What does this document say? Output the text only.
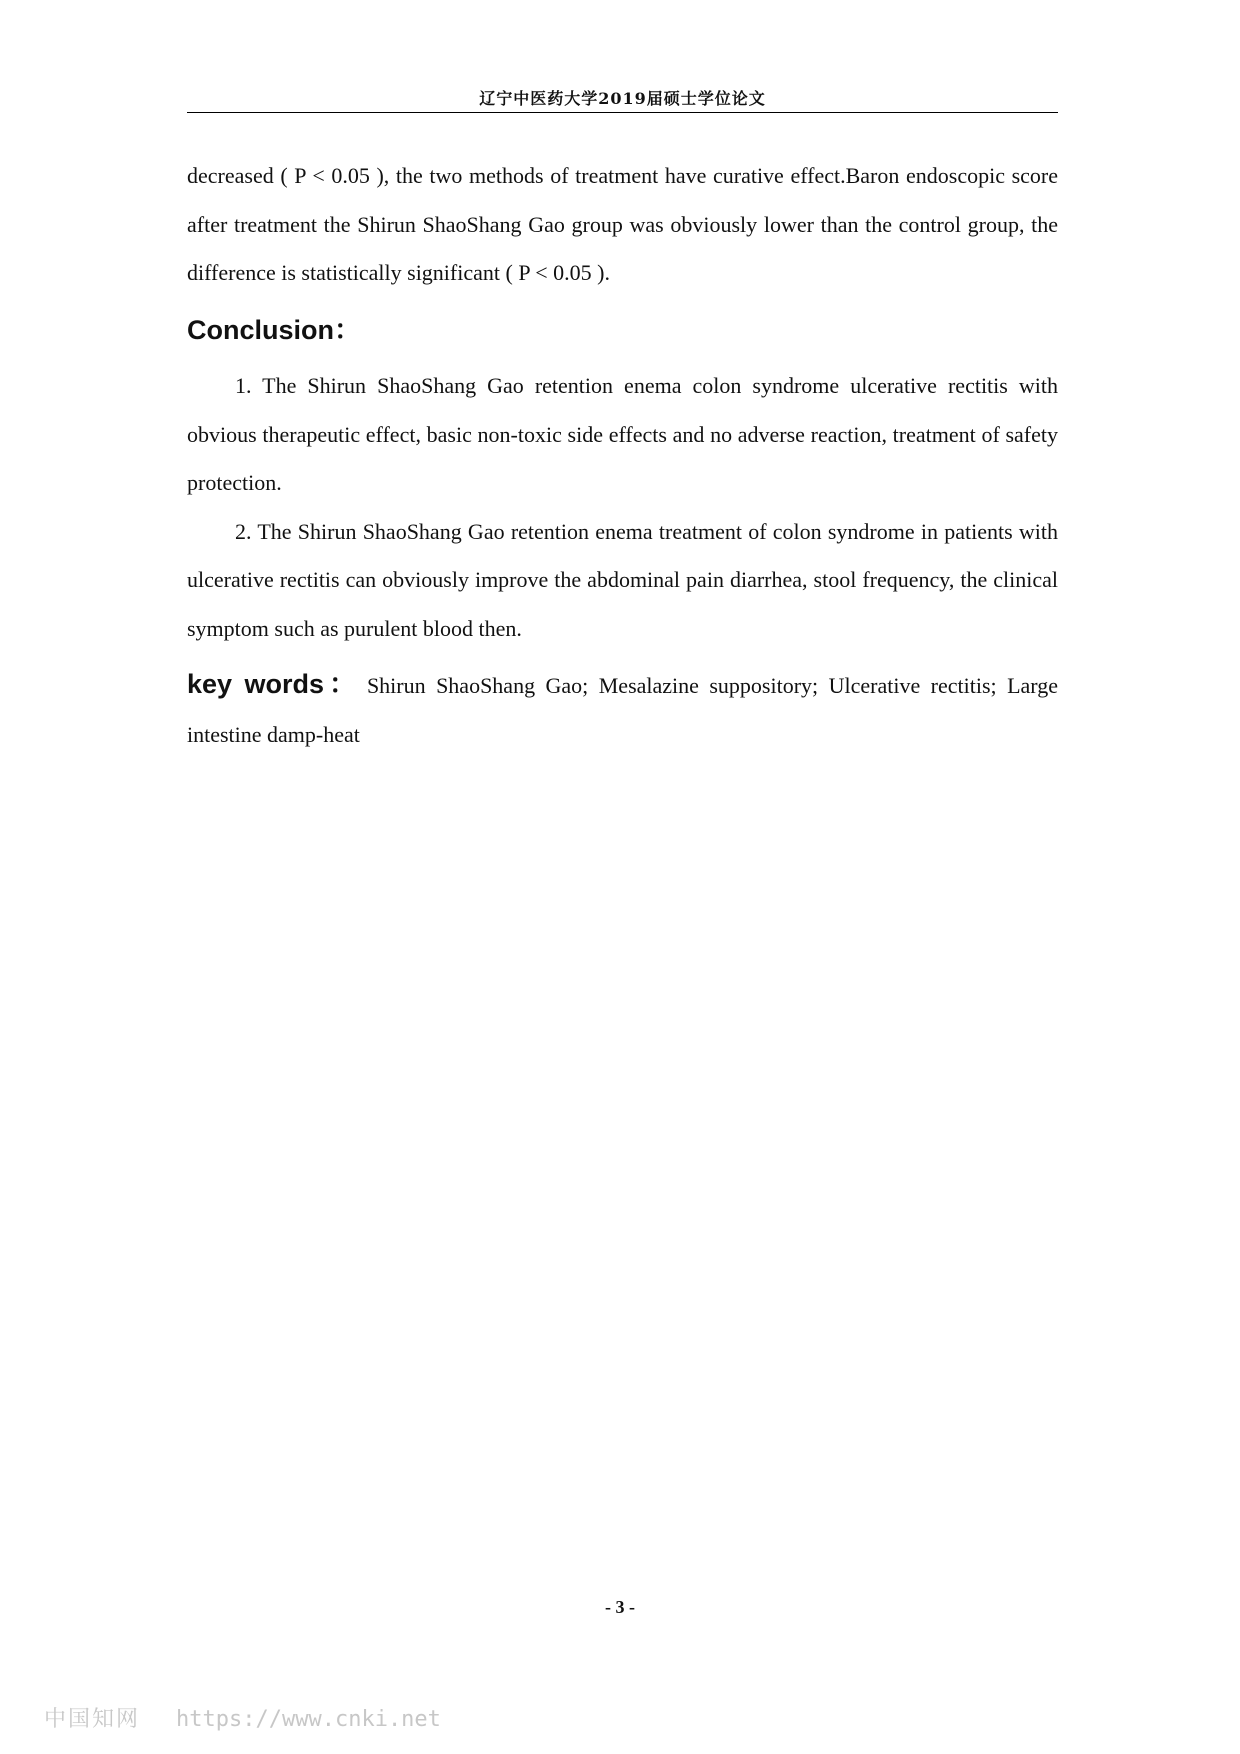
辽宁中医药大学2019届硕士学位论文

decreased ( P < 0.05 ), the two methods of treatment have curative effect.Baron endoscopic score after treatment the Shirun ShaoShang Gao group was obviously lower than the control group, the difference is statistically significant ( P < 0.05 ).

Conclusion：

1. The Shirun ShaoShang Gao retention enema colon syndrome ulcerative rectitis with obvious therapeutic effect, basic non-toxic side effects and no adverse reaction, treatment of safety protection.

2. The Shirun ShaoShang Gao retention enema treatment of colon syndrome in patients with ulcerative rectitis can obviously improve the abdominal pain diarrhea, stool frequency, the clinical symptom such as purulent blood then.

key words： Shirun ShaoShang Gao; Mesalazine suppository; Ulcerative rectitis; Large intestine damp-heat

- 3 -
中国知网 https://www.cnki.net
